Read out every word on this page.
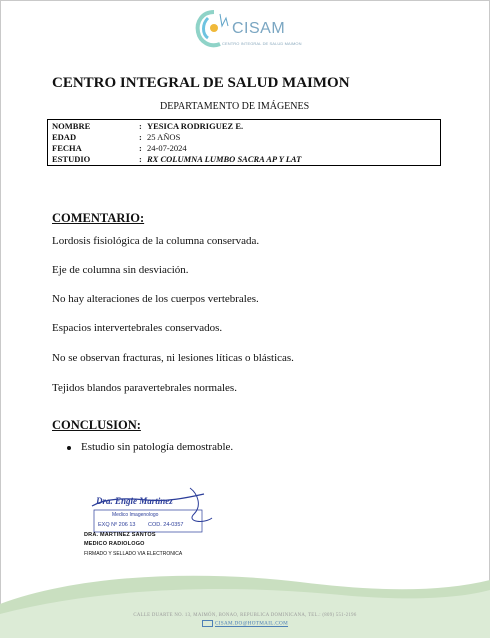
CISAM
CENTRO INTEGRAL DE SALUD MAIMON
CENTRO INTEGRAL DE SALUD MAIMON
DEPARTAMENTO DE IMÁGENES
NOMBRE	: YESICA RODRIGUEZ E.
EDAD	: 25 AÑOS
FECHA	: 24-07-2024
ESTUDIO	: RX COLUMNA LUMBO SACRA AP Y LAT
COMENTARIO:
Lordosis fisiológica de la columna conservada.
Eje de columna sin desviación.
No hay alteraciones de los cuerpos vertebrales.
Espacios intervertebrales conservados.
No se observan fracturas, ni lesiones líticas o blásticas.
Tejidos blandos paravertebrales normales.
CONCLUSION:
Estudio sin patología demostrable.
Dra. Engie Martinez
Medico Imagenologo
EXQ Nº 206 13 COD. 24-0357
DRA. MARTINEZ SANTOS
MEDICO RADIOLOGO
FIRMADO Y SELLADO VIA ELECTRONICA
CALLE DUARTE NO. 13, MAIMÓN, BONAO, REPUBLICA DOMINICANA, TEL.: (809) 551-2196
CISAM.DO@HOTMAIL.COM
